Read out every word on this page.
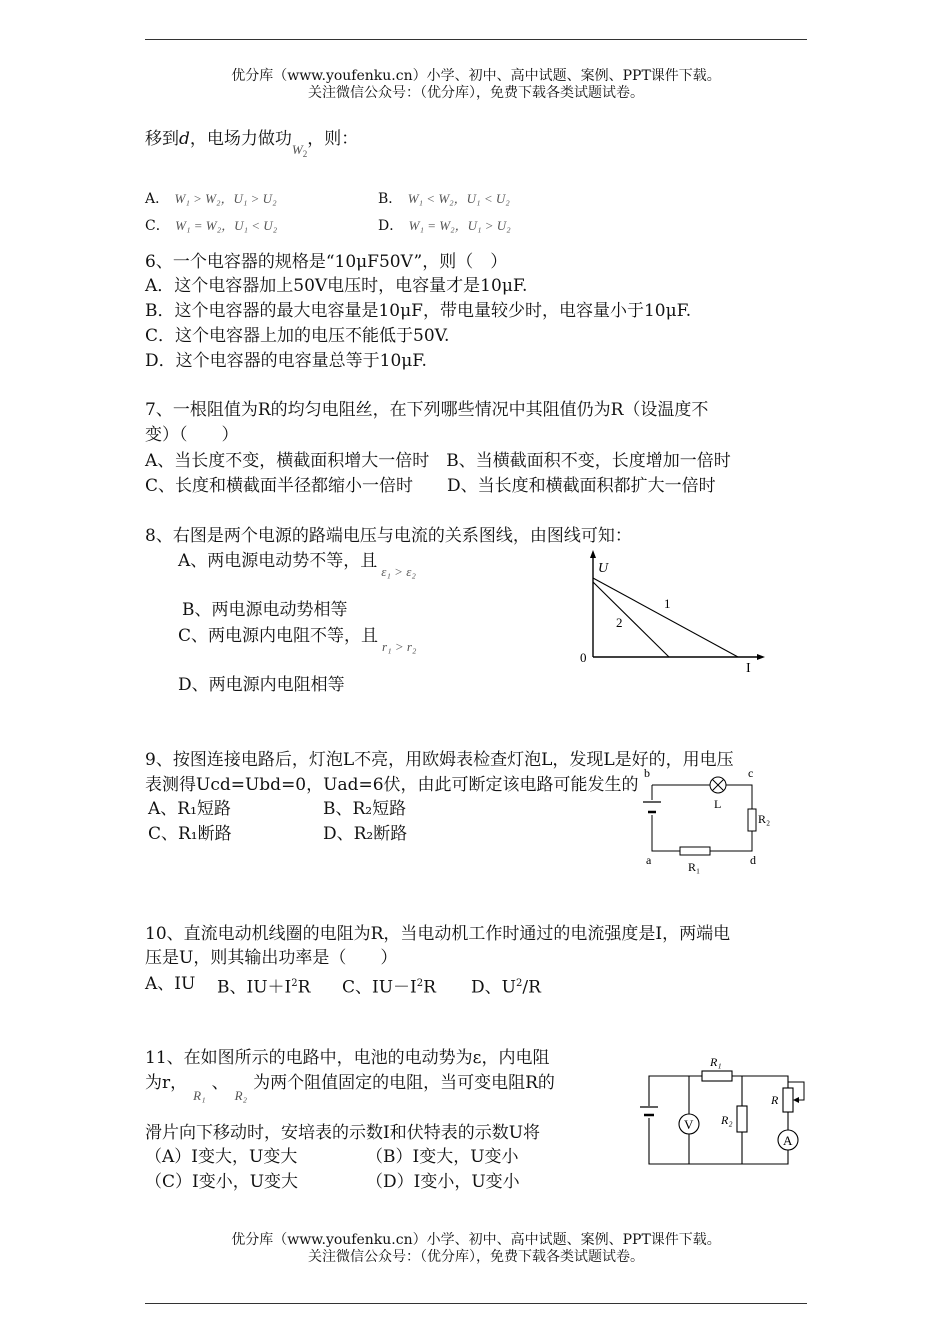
优分库（www.youfenku.cn）小学、初中、高中试题、案例、PPT课件下载。
关注微信公众号：（优分库），免费下载各类试题试卷。
移到d，电场力做功$_{W_2}$，则：
A． W₁ > W₂，U₁ > U₂	B． W₁ < W₂，U₁ < U₂
C． W₁ = W₂，U₁ < U₂	D． W₁ = W₂，U₁ > U₂
6、一个电容器的规格是“10μF50V”，则（　）
A．这个电容器加上50V电压时，电容量才是10μF.
B．这个电容器的最大电容量是10μF，带电量较少时，电容量小于10μF.
C．这个电容器上加的电压不能低于50V.
D．这个电容器的电容量总等于10μF.
7、一根阻值为R的均匀电阻丝，在下列哪些情况中其阻值仍为R（设温度不
变）（　　）
A、当长度不变，横截面积增大一倍时　B、当横截面积不变，长度增加一倍时
C、长度和横截面半径都缩小一倍时　　D、当长度和横截面积都扩大一倍时
8、右图是两个电源的路端电压与电流的关系图线，由图线可知：
A、两电源电动势不等，且$_{\varepsilon_1 > \varepsilon_2}$
B、两电源电动势相等
C、两电源内电阻不等，且$_{r_1 > r_2}$
D、两电源内电阻相等
U
I
0
1
2
9、按图连接电路后，灯泡L不亮，用欧姆表检查灯泡L，发现L是好的，用电压
表测得Ucd=Ubd=0，Uad=6伏，由此可断定该电路可能发生的
A、R₁短路	B、R₂短路
C、R₁断路	D、R₂断路
b	c
a	d
L
R₁
R₂
10、直流电动机线圈的电阻为R，当电动机工作时通过的电流强度是I，两端电
压是U，则其输出功率是（　　）
A、IU B、$IU+I^2R$ C、$IU-I^2R$ D、$U^2/R$
11、在如图所示的电路中，电池的电动势为ε，内电阻
为r，$_{R_1}$、$_{R_2}$为两个阻值固定的电阻，当可变电阻R的
滑片向下移动时，安培表的示数I和伏特表的示数U将
（A）I变大，U变大	（B）I变大，U变小
（C）I变小，U变大	（D）I变小，U变小
V
A
R₁
R₂
R
优分库（www.youfenku.cn）小学、初中、高中试题、案例、PPT课件下载。
关注微信公众号：（优分库），免费下载各类试题试卷。
